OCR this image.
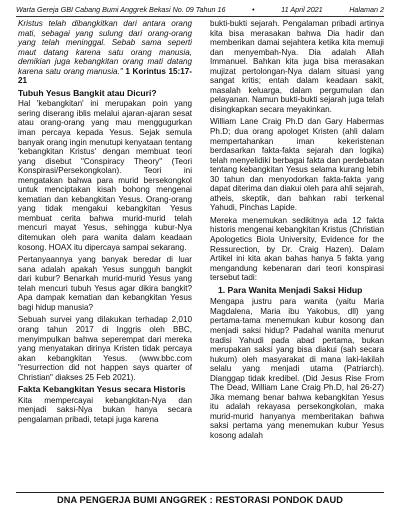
Warta Gereja GBI Cabang Bumi Anggrek Bekasi No. 09 Tahun 16	•	11 April 2021	Halaman 2

Kristus telah dibangkitkan dari antara orang mati, sebagai yang sulung dari orang-orang yang telah meninggal. Sebab sama seperti maut datang karena satu orang manusia, demikian juga kebangkitan orang mati datang karena satu orang manusia." 1 Korintus 15:17-21

Tubuh Yesus Bangkit atau Dicuri?

Hal 'kebangkitan' ini merupakan poin yang sering diserang iblis melalui ajaran-ajaran sesat atau orang-orang yang mau menggugurkan iman percaya kepada Yesus. Sejak semula banyak orang ingin menutupi kenyataan tentang 'kebangkitan Kristus' dengan membuat teori yang disebut "Conspiracy Theory" (Teori Konspirasi/Persekongkolan). Teori ini mengatakan bahwa para murid bersekongkol untuk menciptakan kisah bohong mengenai kematian dan kebangkitan Yesus. Orang-orang yang tidak mengakui kebangkitan Yesus membuat cerita bahwa murid-murid telah mencuri mayat Yesus, sehingga kubur-Nya ditemukan oleh para wanita dalam keadaan kosong. HOAX itu dipercaya sampai sekarang.

Pertanyaannya yang banyak beredar di luar sana adalah apakah Yesus sungguh bangkit dari kubur? Benarkah murid-murid Yesus yang telah mencuri tubuh Yesus agar dikira bangkit? Apa dampak kematian dan kebangkitan Yesus bagi hidup manusia?

Sebuah survei yang dilakukan terhadap 2,010 orang tahun 2017 di Inggris oleh BBC, menyimpulkan bahwa seperempat dari mereka yang menyatakan dirinya Kristen tidak percaya akan kebangkitan Yesus. (www.bbc.com "resurrection did not happen says quarter of Christian" diakses 25 Feb 2021).

Fakta Kebangkitan Yesus secara Historis

Kita mempercayai kebangkitan-Nya dan menjadi saksi-Nya bukan hanya secara pengalaman pribadi, tetapi juga karena

bukti-bukti sejarah. Pengalaman pribadi artinya kita bisa merasakan bahwa Dia hadir dan memberikan damai sejahtera ketika kita memuji dan menyembah-Nya. Dia adalah Allah Immanuel. Bahkan kita juga bisa merasakan mujizat pertolongan-Nya dalam situasi yang sangat kritis; entah dalam keadaan sakit, masalah keluarga, dalam pergumulan dan pelayanan. Namun bukti-bukti sejarah juga telah disingkapkan secara meyakinkan.

William Lane Craig Ph.D dan Gary Habermas Ph.D; dua orang apologet Kristen (ahli dalam mempertahankan iman kekeristenan berdasarkan fakta-fakta sejarah dan logika) telah menyelidiki berbagai fakta dan perdebatan tentang kebangkitan Yesus selama kurang lebih 30 tahun dan menyodorkan fakta-fakta yang dapat diterima dan diakui oleh para ahli sejarah, atheis, skeptik, dan bahkan rabi terkenal Yahudi, Pinchas Lapide.

Mereka menemukan sedikitnya ada 12 fakta historis mengenai kebangkitan Kristus (Christian Apologetics Biola University, Evidence for the Ressurection, by Dr. Craig Hazen). Dalam Artikel ini kita akan bahas hanya 5 fakta yang mengandung kebenaran dari teori konspirasi tersebut tadi:

1. Para Wanita Menjadi Saksi Hidup

Mengapa justru para wanita (yaitu Maria Magdalena, Maria ibu Yakobus, dll) yang pertama-tama menemukan kubur kosong dan menjadi saksi hidup? Padahal wanita menurut tradisi Yahudi pada abad pertama, bukan merupakan saksi yang bisa diakui (sah secara hukum) oleh masyarakat di mana laki-lakilah selalu yang menjadi utama (Patriarch). Dianggap tidak kredibel. (Did Jesus Rise From The Dead, William Lane Craig Ph.D, hal 26-27) Jika memang benar bahwa kebangkitan Yesus itu adalah rekayasa persekongkolan, maka murid-murid hanyanya memberitakan bahwa saksi pertama yang menemukan kubur Yesus kosong adalah

DNA PENGERJA BUMI ANGGREK : RESTORASI PONDOK DAUD
